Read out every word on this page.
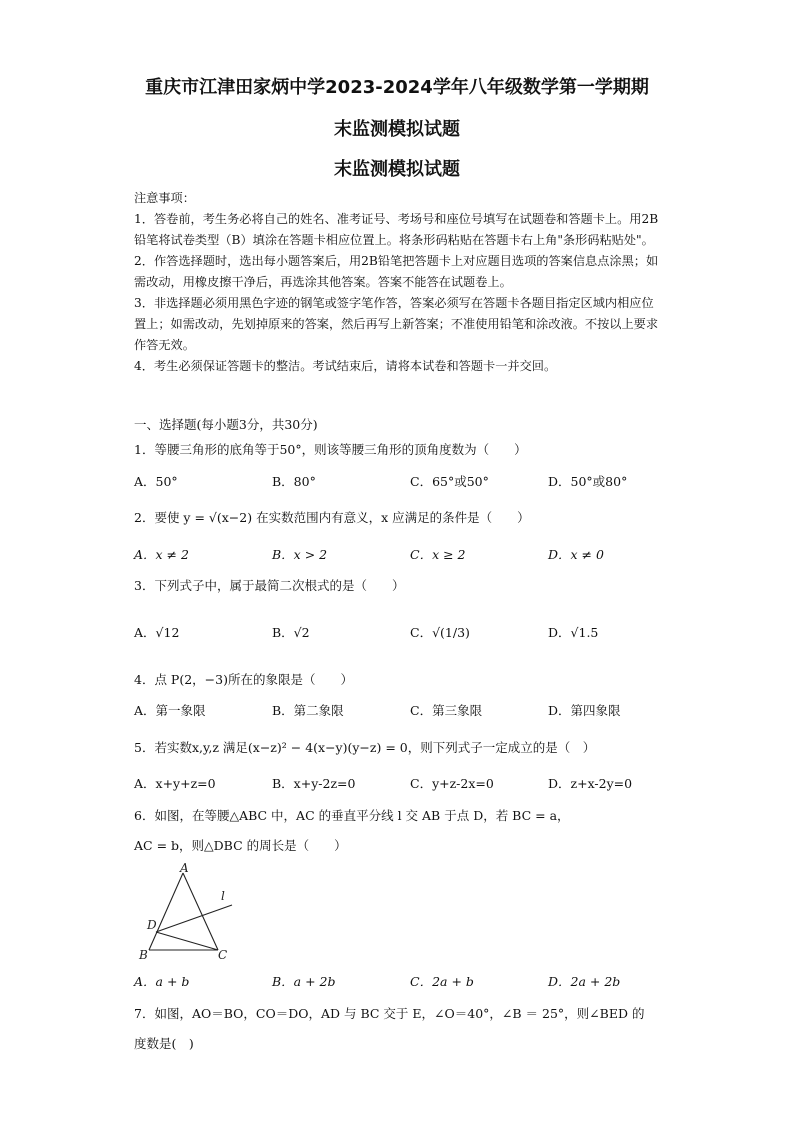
重庆市江津田家炳中学2023-2024学年八年级数学第一学期期
末监测模拟试题
末监测模拟试题

注意事项：

1．答卷前，考生务必将自己的姓名、准考证号、考场号和座位号填写在试题卷和答题卡上。用2B铅笔将试卷类型（B）填涂在答题卡相应位置上。将条形码粘贴在答题卡右上角"条形码粘贴处"。

2．作答选择题时，选出每小题答案后，用2B铅笔把答题卡上对应题目选项的答案信息点涂黑；如需改动，用橡皮擦干净后，再选涂其他答案。答案不能答在试题卷上。

3．非选择题必须用黑色字迹的钢笔或签字笔作答，答案必须写在答题卡各题目指定区域内相应位置上；如需改动，先划掉原来的答案，然后再写上新答案；不准使用铅笔和涂改液。不按以上要求作答无效。

4．考生必须保证答题卡的整洁。考试结束后，请将本试卷和答题卡一并交回。

一、选择题(每小题3分，共30分)
1．等腰三角形的底角等于50°，则该等腰三角形的顶角度数为（　　）
A．50°	B．80°	C．65°或50°	D．50°或80°
2．要使 y = √(x−2) 在实数范围内有意义，x 应满足的条件是（　　）
A．x ≠ 2	B．x > 2	C．x ≥ 2	D．x ≠ 0
3．下列式子中，属于最简二次根式的是（　　）
A．√12	B．√2	C．√(1/3)	D．√1.5
4．点 P(2，−3)所在的象限是（　　）
A．第一象限	B．第二象限	C．第三象限	D．第四象限
5．若实数x,y,z 满足(x−z)² − 4(x−y)(y−z) = 0，则下列式子一定成立的是（　）
A．x+y+z=0	B．x+y-2z=0	C．y+z-2x=0	D．z+x-2y=0
6．如图，在等腰△ABC 中，AC 的垂直平分线 l 交 AB 于点 D，若 BC = a，
AC = b，则△DBC 的周长是（　　）
A
B	C
D
l
A．a + b	B．a + 2b	C．2a + b	D．2a + 2b
7．如图，AO＝BO，CO＝DO，AD 与 BC 交于 E，∠O＝40°，∠B ＝ 25°，则∠BED 的
度数是(　)
